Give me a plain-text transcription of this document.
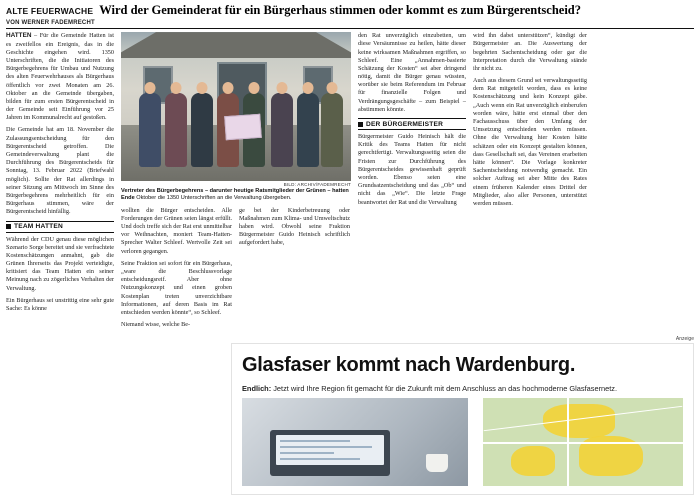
ALTE FEUERWACHE Wird der Gemeinderat für ein Bürgerhaus stimmen oder kommt es zum Bürgerentscheid?
VON WERNER FADEMRECHT

HATTEN – Für die Gemeinde Hatten ist es zweifellos ein Ereignis, das in die Geschichte eingehen wird. 1350 Unterschriften, die die Initiatoren des Bürgerbegehrens für Umbau und Nutzung des alten Feuerwehrhauses als Bürgerhaus öffentlich vor zwei Monaten am 26. Oktober an die Gemeinde übergaben, bilden für zum ersten Bürgerentscheid in der Gemeinde seit Einführung vor 25 Jahren im Kommunalrecht auf gestoßen.

Die Gemeinde hat am 18. November die Zulassungsentscheidung für den Bürgerentscheid getroffen. Die Gemeindeverwaltung plant die Durchführung des Bürgerentscheids für Sonntag, 13. Februar 2022 (Briefwahl möglich). Sollte der Rat allerdings in seiner Sitzung am Mittwoch im Sinne des Bürgerbegehrens mehrheitlich für ein Bürgerhaus stimmen, wäre der Bürgerentscheid hinfällig.

TEAM HATTEN

Während der CDU genau diese möglichen Szenario Sorge bereitet und sie verfrachtete Kostenschätzungen anmahnt, gab die Grünen Ihrerseits das Projekt verteidigte, kritisiert das Team Hatten ein seiner Meinung nach zu zögerliches Verhalten der Verwaltung.

Ein Bürgerhaus sei unstrittig eine sehr gute Sache: Es könne

BILD: ARCHIV/FADEMRECHT
Vertreter des Bürgerbegehrens – darunter heutige Ratsmitglieder der Grünen – hatten Ende Oktober die 1350 Unterschriften an die Verwaltung übergeben.

wollten die Bürger entscheiden. Alle Forderungen der Grünen seien längst erfüllt. Und doch treffe sich der Rat erst unmittelbar vor Weihnachten, moniert Team-Hatten-Sprecher Walter Schleef. Wertvolle Zeit sei verloren gegangen.

Seine Fraktion sei sofort für ein Bürgerhaus, „ware die Beschlussvorlage entscheidungsreif. Aber ohne Nutzungskonzept und einen groben Kostenplan treten unverzichtbare Informationen, auf deren Basis im Rat entschieden werden könnte“, so Schleef.

Niemand wisse, welche Be-

ge bei der Kinderbetreuung oder Maßnahmen zum Klima- und Umweltschutz haben wird. Obwohl seine Fraktion Bürgermeister Guido Heinisch schriftlich aufgefordert habe,

den Rat unverzüglich einzubetten, um diese Versäumnisse zu heilen, hätte dieser keine wirksamen Maßnahmen ergriffen, so Schleef. Eine „Annahmen-basierte Schätzung der Kosten“ sei aber dringend nötig, damit die Bürger genau wüssten, worüber sie beim Referendum im Februar für finanzielle Folgen und Verdrängungsgeschäfte – zum Beispiel – abstimmen könnte.

DER BÜRGERMEISTER

Bürgermeister Guido Heinisch hält die Kritik des Teams Hatten für nicht gerechtfertigt. Verwaltungsseitig seien die Fristen zur Durchführung des Bürgerentscheides gewissenhaft geprüft worden. Ebenso seien eine Grundsatzentscheidung und das „Ob“ und nicht das „Wie“. Die letzte Frage beantwortet der Rat und die Verwaltung

wird ihn dabei unterstützen“, kündigt der Bürgermeister an. Die Auswertung der begehrten Sachentscheidung oder gar die Interpretation durch die Verwaltung stände ihr nicht zu.

Auch aus diesem Grund sei verwaltungsseitig dem Rat mitgeteilt worden, dass es keine Kostenschätzung und kein Konzept gäbe. „Auch wenn ein Rat unverzüglich einberufen worden wäre, hätte erst einmal über den Fachausschuss über den Umfang der Umsetzung entschieden werden müssen. Ohne die Verwaltung hier Kosten hätte schätzen oder ein Konzept gestalten können, dass Gesellschaft sei, das Vereinen erarbeiten hätte können“. Die Vorlage konkreter Sachentscheidung notwendig gemacht. Ein solcher Auftrag sei aber Mitte des Rates einem früheren Kalender eines Drittel der Mitglieder, also aller Personen, unterstützt werden müssen.

Anzeige
Glasfaser kommt nach Wardenburg.
Endlich: Jetzt wird Ihre Region fit gemacht für die Zukunft mit dem Anschluss an das hochmoderne Glasfasernetz.
